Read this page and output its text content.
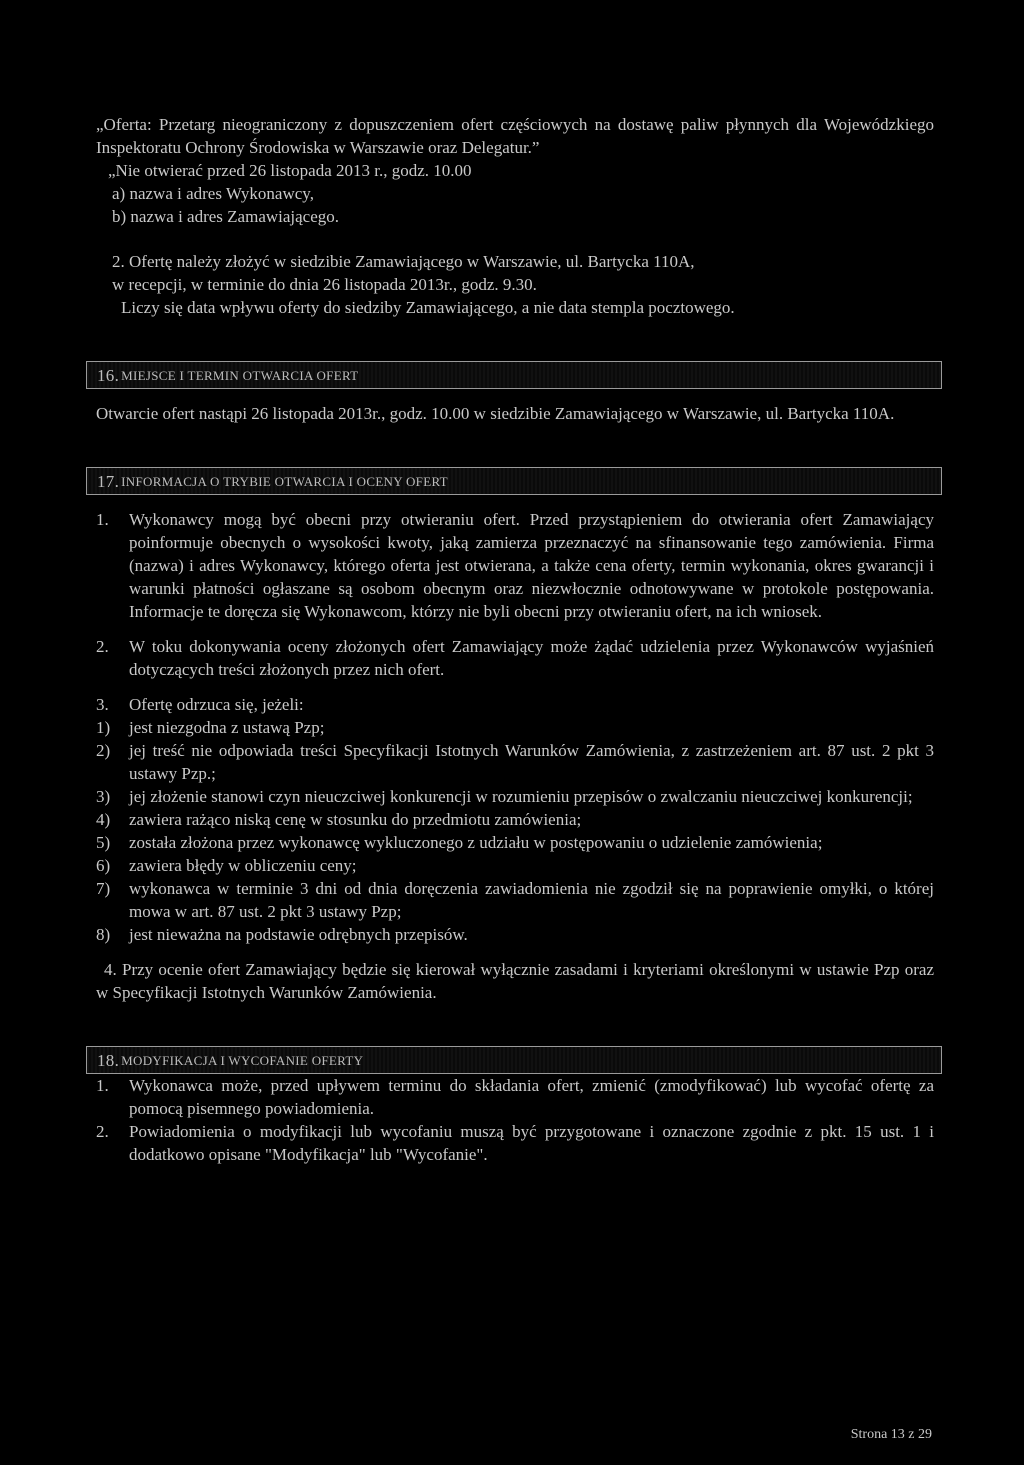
„Oferta: Przetarg nieograniczony z dopuszczeniem ofert częściowych na dostawę paliw płynnych dla Wojewódzkiego Inspektoratu Ochrony Środowiska w Warszawie oraz Delegatur.”

„Nie otwierać przed 26 listopada 2013 r., godz. 10.00

a) nazwa i adres Wykonawcy,

b) nazwa i adres Zamawiającego.

2. Ofertę należy złożyć w siedzibie Zamawiającego w Warszawie, ul. Bartycka 110A,

w recepcji, w terminie do dnia 26 listopada 2013r., godz. 9.30.

Liczy się data wpływu oferty do siedziby Zamawiającego, a nie data stempla pocztowego.

16. MIEJSCE I TERMIN OTWARCIA OFERT

Otwarcie ofert nastąpi 26 listopada 2013r., godz. 10.00 w siedzibie Zamawiającego w Warszawie, ul. Bartycka 110A.

17. INFORMACJA O TRYBIE OTWARCIA I OCENY OFERT
1.	Wykonawcy mogą być obecni przy otwieraniu ofert. Przed przystąpieniem do otwierania ofert Zamawiający poinformuje obecnych o wysokości kwoty, jaką zamierza przeznaczyć na sfinansowanie tego zamówienia. Firma (nazwa) i adres Wykonawcy, którego oferta jest otwierana, a także cena oferty, termin wykonania, okres gwarancji i warunki płatności ogłaszane są osobom obecnym oraz niezwłocznie odnotowywane w protokole postępowania. Informacje te doręcza się Wykonawcom, którzy nie byli obecni przy otwieraniu ofert, na ich wniosek.
2.	W toku dokonywania oceny złożonych ofert Zamawiający może żądać udzielenia przez Wykonawców wyjaśnień dotyczących treści złożonych przez nich ofert.
3.	Ofertę odrzuca się, jeżeli:
1)	jest niezgodna z ustawą Pzp;
2)	jej treść nie odpowiada treści Specyfikacji Istotnych Warunków Zamówienia, z zastrzeżeniem art. 87 ust. 2 pkt 3 ustawy Pzp.;
3)	jej złożenie stanowi czyn nieuczciwej konkurencji w rozumieniu przepisów o zwalczaniu nieuczciwej konkurencji;
4)	zawiera rażąco niską cenę w stosunku do przedmiotu zamówienia;
5)	została złożona przez wykonawcę wykluczonego z udziału w postępowaniu o udzielenie zamówienia;
6)	zawiera błędy w obliczeniu ceny;
7)	wykonawca w terminie 3 dni od dnia doręczenia zawiadomienia nie zgodził się na poprawienie omyłki, o której mowa w art. 87 ust. 2 pkt 3 ustawy Pzp;
8)	jest nieważna na podstawie odrębnych przepisów.

4. Przy ocenie ofert Zamawiający będzie się kierował wyłącznie zasadami i kryteriami określonymi w ustawie Pzp oraz w Specyfikacji Istotnych Warunków Zamówienia.

18. MODYFIKACJA I WYCOFANIE OFERTY
1.	Wykonawca może, przed upływem terminu do składania ofert, zmienić (zmodyfikować) lub wycofać ofertę za pomocą pisemnego powiadomienia.
2.	Powiadomienia o modyfikacji lub wycofaniu muszą być przygotowane i oznaczone zgodnie z pkt. 15 ust. 1 i dodatkowo opisane "Modyfikacja" lub "Wycofanie".
Strona 13 z 29
